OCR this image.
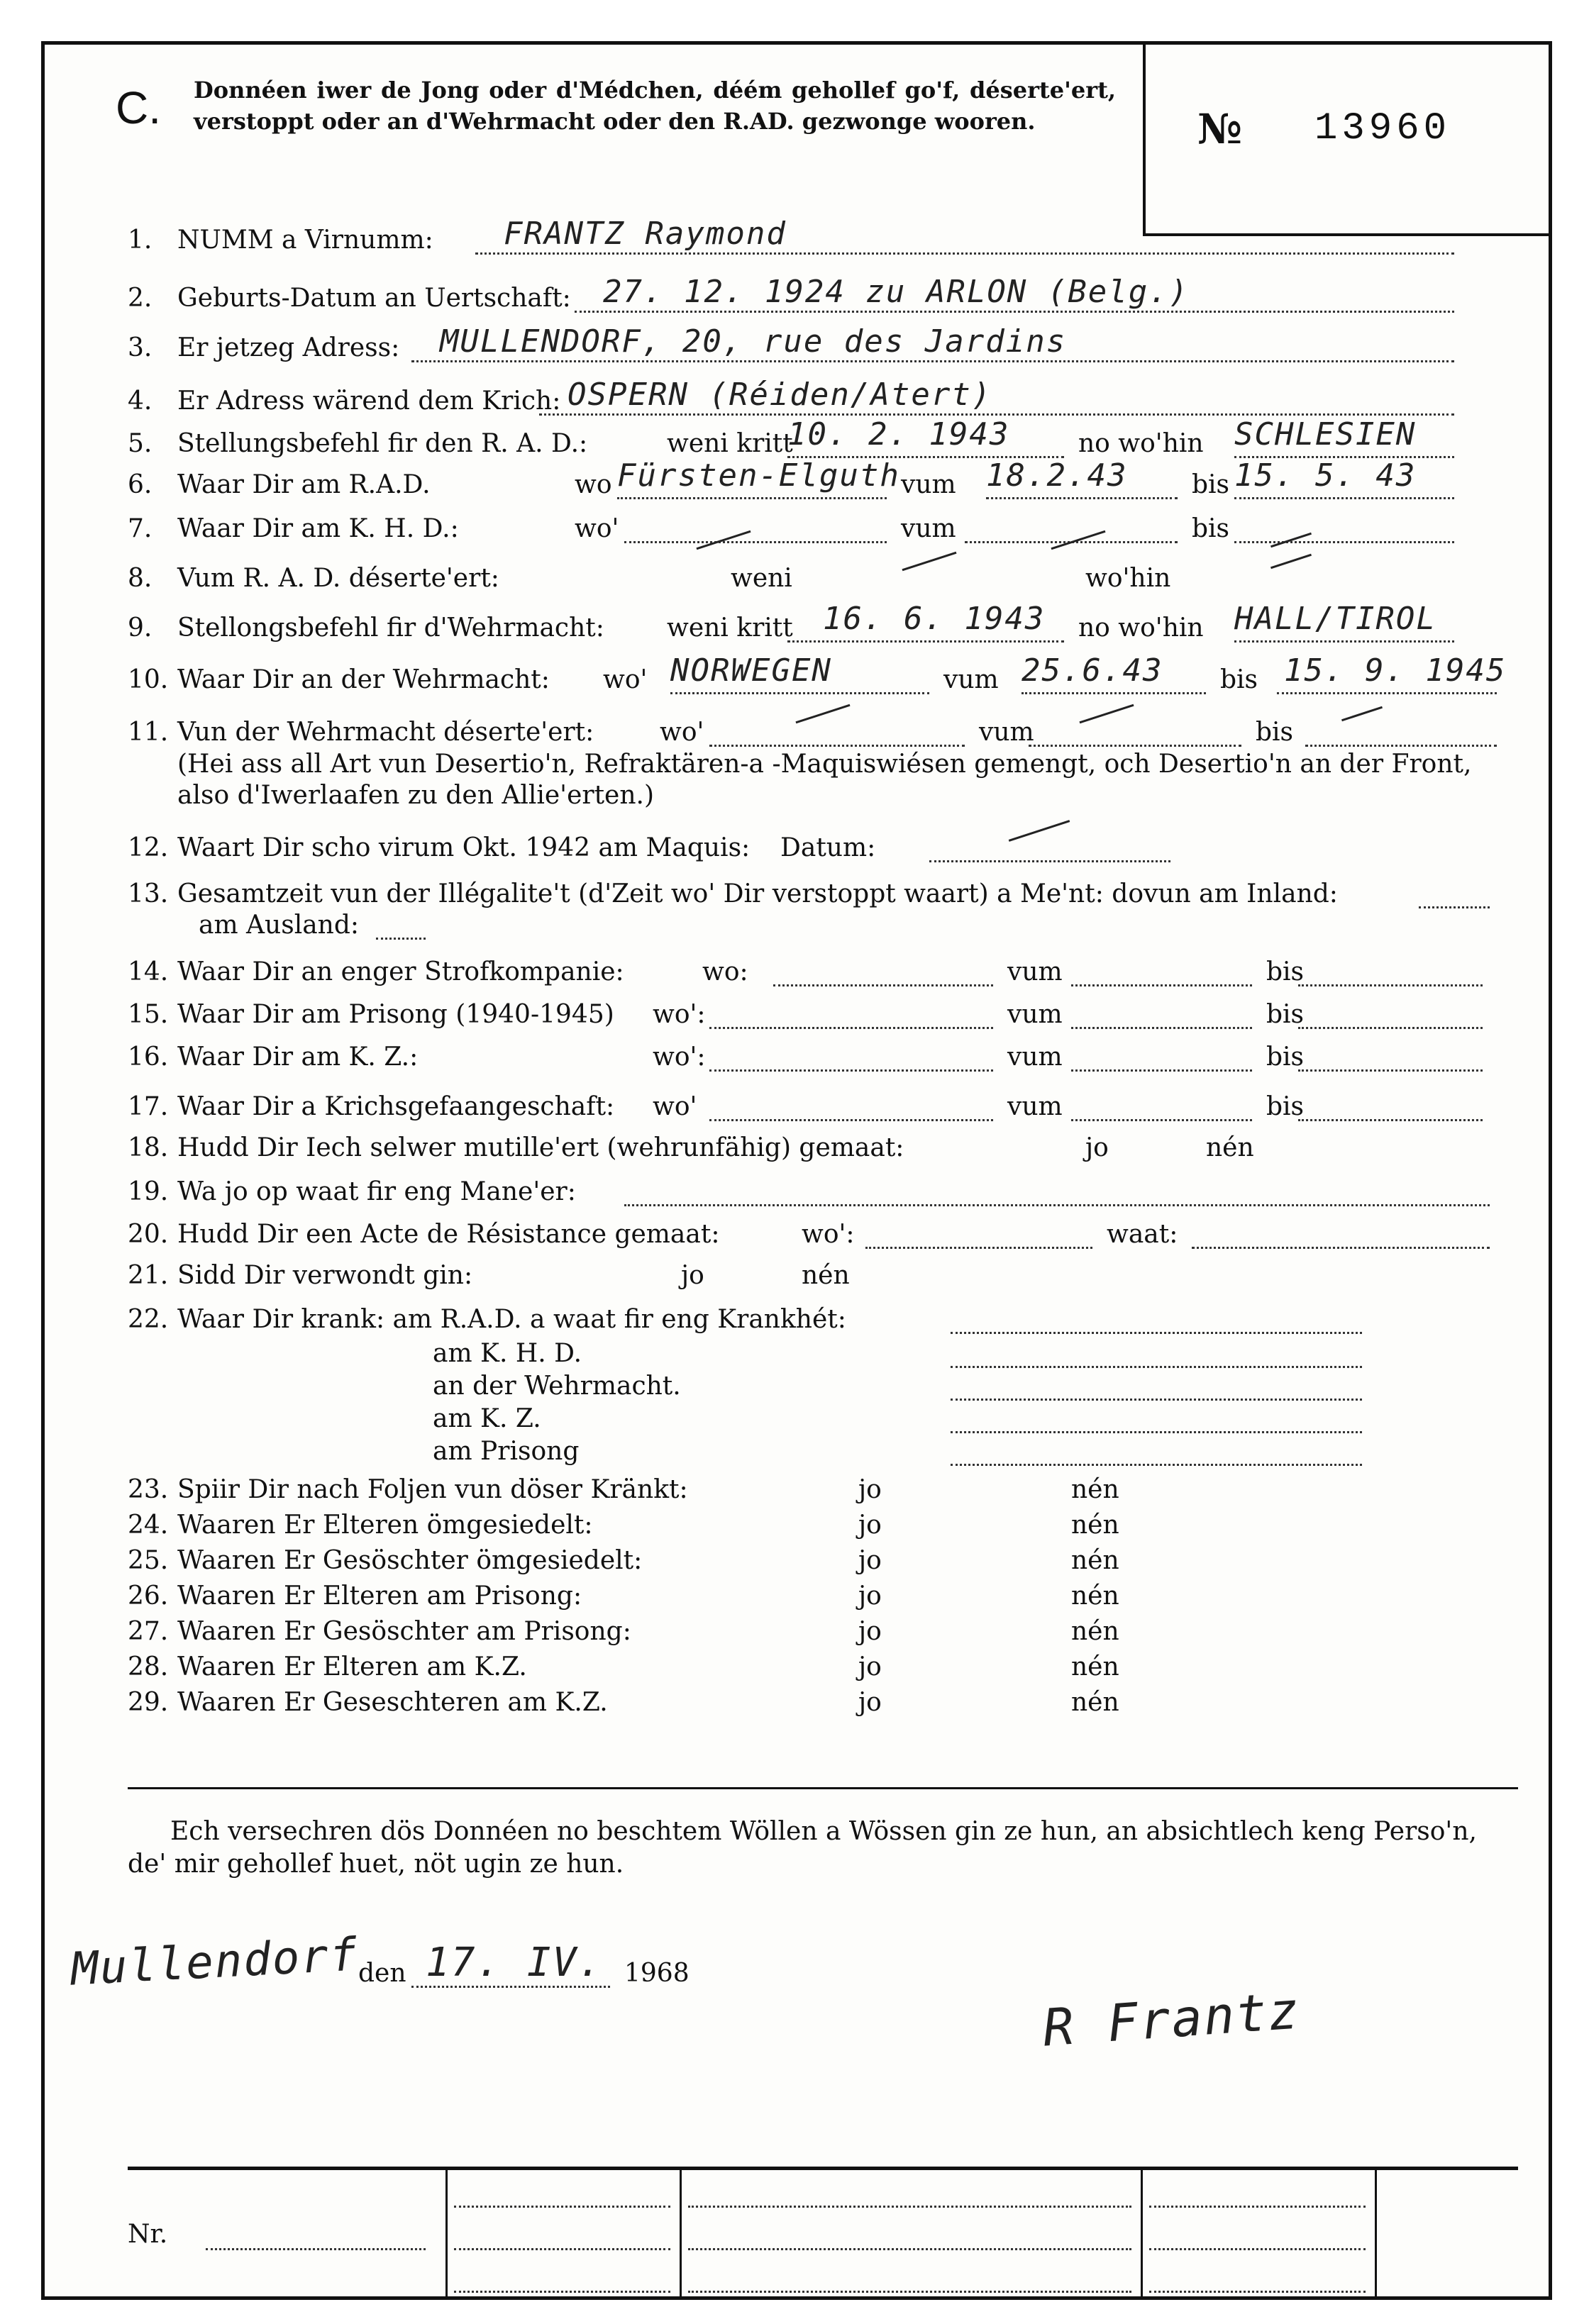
C. Donnéen iwer de Jong oder d'Médchen, déém gehollef go'f, déserte'ert, verstoppt oder an d'Wehrmacht oder den R.AD. gezwonge wooren.	№ 13960
1. NUMM a Virnumm: FRANTZ Raymond
2. Geburts-Datum an Uertschaft: 27. 12. 1924 zu ARLON (Belg.)
3. Er jetzeg Adress: MULLENDORF, 20, rue des Jardins
4. Er Adress wärend dem Krich: OSPERN (Réiden/Atert)
5. Stellungsbefehl fir den R. A. D.:	weni kritt	no wo'hin
10. 2. 1943	SCHLESIEN
6. Waar Dir am R.A.D.	wo	vum	bis
Fürsten-Elguth	18.2.43	15. 5. 43
7. Waar Dir am K. H. D.:	wo'	vum	bis
8. Vum R. A. D. déserte'ert:	weni	wo'hin
9. Stellongsbefehl fir d'Wehrmacht: weni kritt	no wo'hin
16. 6. 1943	HALL/TIROL
10. Waar Dir an der Wehrmacht: wo'	vum	bis
NORWEGEN	25.6.43	15. 9. 1945
11. Vun der Wehrmacht déserte'ert:	wo'	vum	bis
(Hei ass all Art vun Desertio'n, Refraktären-a -Maquiswiésen gemengt, och Desertio'n an der Front, also d'Iwerlaafen zu den Allie'erten.)
12. Waart Dir scho virum Okt. 1942 am Maquis: Datum:
13. Gesamtzeit vun der Illégalite't (d'Zeit wo' Dir verstoppt waart) a Me'nt: dovun am Inland:
am Ausland:
14. Waar Dir an enger Strofkompanie:	wo:	vum	bis
15. Waar Dir am Prisong (1940-1945) wo':	vum	bis
16. Waar Dir am K. Z.:	wo':	vum	bis
17. Waar Dir a Krichsgefaangeschaft: wo'	vum	bis
18. Hudd Dir Iech selwer mutille'ert (wehrunfähig) gemaat:	jo	nén
19. Wa jo op waat fir eng Mane'er:
20. Hudd Dir een Acte de Résistance gemaat:	wo':	waat:
21. Sidd Dir verwondt gin:	jo	nén
22. Waar Dir krank: am R.A.D. a waat fir eng Krankhét:
am K. H. D.
an der Wehrmacht.
am K. Z.
am Prisong
23. Spiir Dir nach Foljen vun döser Kränkt:	jo	nén
24. Waaren Er Elteren ömgesiedelt:	jo	nén
25. Waaren Er Gesöschter ömgesiedelt:	jo	nén
26. Waaren Er Elteren am Prisong:	jo	nén
27. Waaren Er Gesöschter am Prisong:	jo	nén
28. Waaren Er Elteren am K.Z.	jo	nén
29. Waaren Er Geseschteren am K.Z.	jo	nén
Ech versechren dös Donnéen no beschtem Wöllen a Wössen gin ze hun, an absichtlech keng Perso'n, de' mir gehollef huet, nöt ugin ze hun.
Mullendorf
den 17. IV. 1968
R Frantz
Nr.
